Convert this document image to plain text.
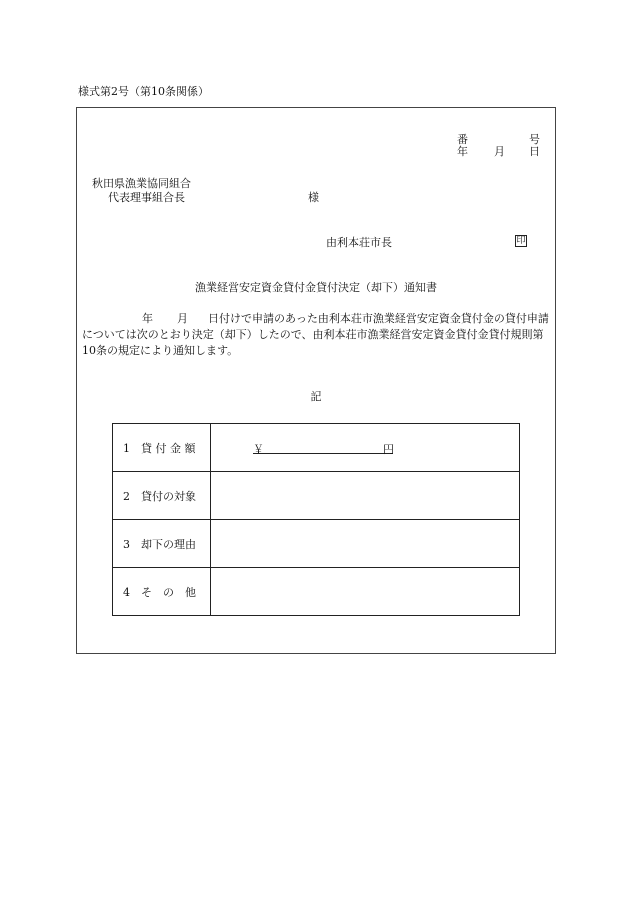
様式第2号（第10条関係）
番	号
年 月 日
秋田県漁業協同組合
代表理事組合長	様
由利本荘市長	印
漁業経営安定資金貸付金貸付決定（却下）通知書
年 月 日付けで申請のあった由利本荘市漁業経営安定資金貸付金の貸付申請については次のとおり決定（却下）したので、由利本荘市漁業経営安定資金貸付金貸付規則第10条の規定により通知します。
記
1　貸 付 金 額	￥ 円

2　貸付の対象	
3　却下の理由	
4　そ　の　他	
